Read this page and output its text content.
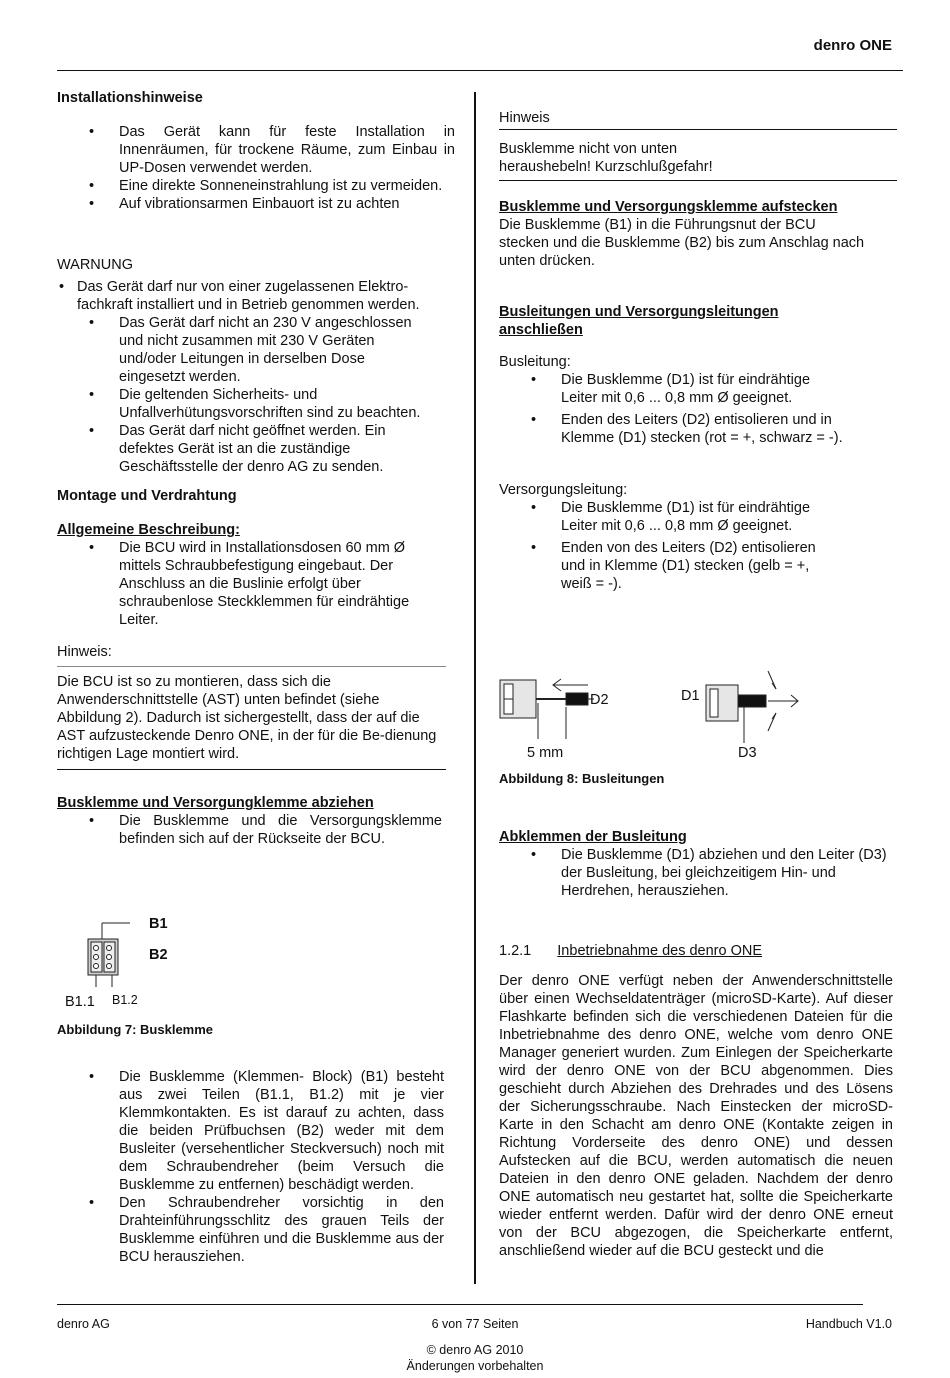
denro ONE
Installationshinweise
• Das Gerät kann für feste Installation in Innenräumen, für trockene Räume, zum Einbau in UP-Dosen verwendet werden.
• Eine direkte Sonneneinstrahlung ist zu vermeiden.
• Auf vibrationsarmen Einbauort ist zu achten

WARNUNG

• Das Gerät darf nur von einer zugelassenen Elektro-fachkraft installiert und in Betrieb genommen werden.
• Das Gerät darf nicht an 230 V angeschlossen und nicht zusammen mit 230 V Geräten und/oder Leitungen in derselben Dose eingesetzt werden.
• Die geltenden Sicherheits- und Unfallverhütungsvorschriften sind zu beachten.
• Das Gerät darf nicht geöffnet werden. Ein defektes Gerät ist an die zuständige Geschäftsstelle der denro AG zu senden.
Montage und Verdrahtung
Allgemeine Beschreibung:
• Die BCU wird in Installationsdosen 60 mm Ø mittels Schraubbefestigung eingebaut. Der Anschluss an die Buslinie erfolgt über schraubenlose Steckklemmen für eindrähtige Leiter.

Hinweis:

Die BCU ist so zu montieren, dass sich die Anwenderschnittstelle (AST) unten befindet (siehe Abbildung 2). Dadurch ist sichergestellt, dass der auf die AST aufzusteckende Denro ONE, in der für die Be-dienung richtigen Lage montiert wird.

Busklemme und Versorgungklemme abziehen
• Die Busklemme und die Versorgungsklemme befinden sich auf der Rückseite der BCU.
B1
B2
B1.1 B1.2
Abbildung 7: Busklemme
• Die Busklemme (Klemmen- Block) (B1) besteht aus zwei Teilen (B1.1, B1.2) mit je vier Klemmkontakten. Es ist darauf zu achten, dass die beiden Prüfbuchsen (B2) weder mit dem Busleiter (versehentlicher Steckversuch) noch mit dem Schraubendreher (beim Versuch die Busklemme zu entfernen) beschädigt werden.
• Den Schraubendreher vorsichtig in den Drahteinführungsschlitz des grauen Teils der Busklemme einführen und die Busklemme aus der BCU herausziehen.

Hinweis

Busklemme nicht von unten heraushebeln! Kurzschlußgefahr!

Busklemme und Versorgungsklemme aufstecken

Die Busklemme (B1) in die Führungsnut der BCU stecken und die Busklemme (B2) bis zum Anschlag nach unten drücken.

Busleitungen und Versorgungsleitungen anschließen

Busleitung:

• Die Busklemme (D1) ist für eindrähtige Leiter mit 0,6 ... 0,8 mm Ø geeignet.
• Enden des Leiters (D2) entisolieren und in Klemme (D1) stecken (rot = +, schwarz = -).

Versorgungsleitung:

• Die Busklemme (D1) ist für eindrähtige Leiter mit 0,6 ... 0,8 mm Ø geeignet.
• Enden von des Leiters (D2) entisolieren und in Klemme (D1) stecken (gelb = +, weiß = -).
D2	D1
D3
5 mm
Abbildung 8: Busleitungen
Abklemmen der Busleitung
• Die Busklemme (D1) abziehen und den Leiter (D3) der Busleitung, bei gleichzeitigem Hin- und Herdrehen, herausziehen.
1.2.1 Inbetriebnahme des denro ONE

Der denro ONE verfügt neben der Anwenderschnittstelle über einen Wechseldatenträger (microSD-Karte). Auf dieser Flashkarte befinden sich die verschiedenen Dateien für die Inbetriebnahme des denro ONE, welche vom denro ONE Manager generiert wurden. Zum Einlegen der Speicherkarte wird der denro ONE von der BCU abgenommen. Dies geschieht durch Abziehen des Drehrades und des Lösens der Sicherungsschraube. Nach Einstecken der microSD-Karte in den Schacht am denro ONE (Kontakte zeigen in Richtung Vorderseite des denro ONE) und dessen Aufstecken auf die BCU, werden automatisch die neuen Dateien in den denro ONE geladen. Nachdem der denro ONE automatisch neu gestartet hat, sollte die Speicherkarte wieder entfernt werden. Dafür wird der denro ONE erneut von der BCU abgezogen, die Speicherkarte entfernt, anschließend wieder auf die BCU gesteckt und die

denro AG	6 von 77 Seiten	Handbuch V1.0
© denro AG 2010
Änderungen vorbehalten
